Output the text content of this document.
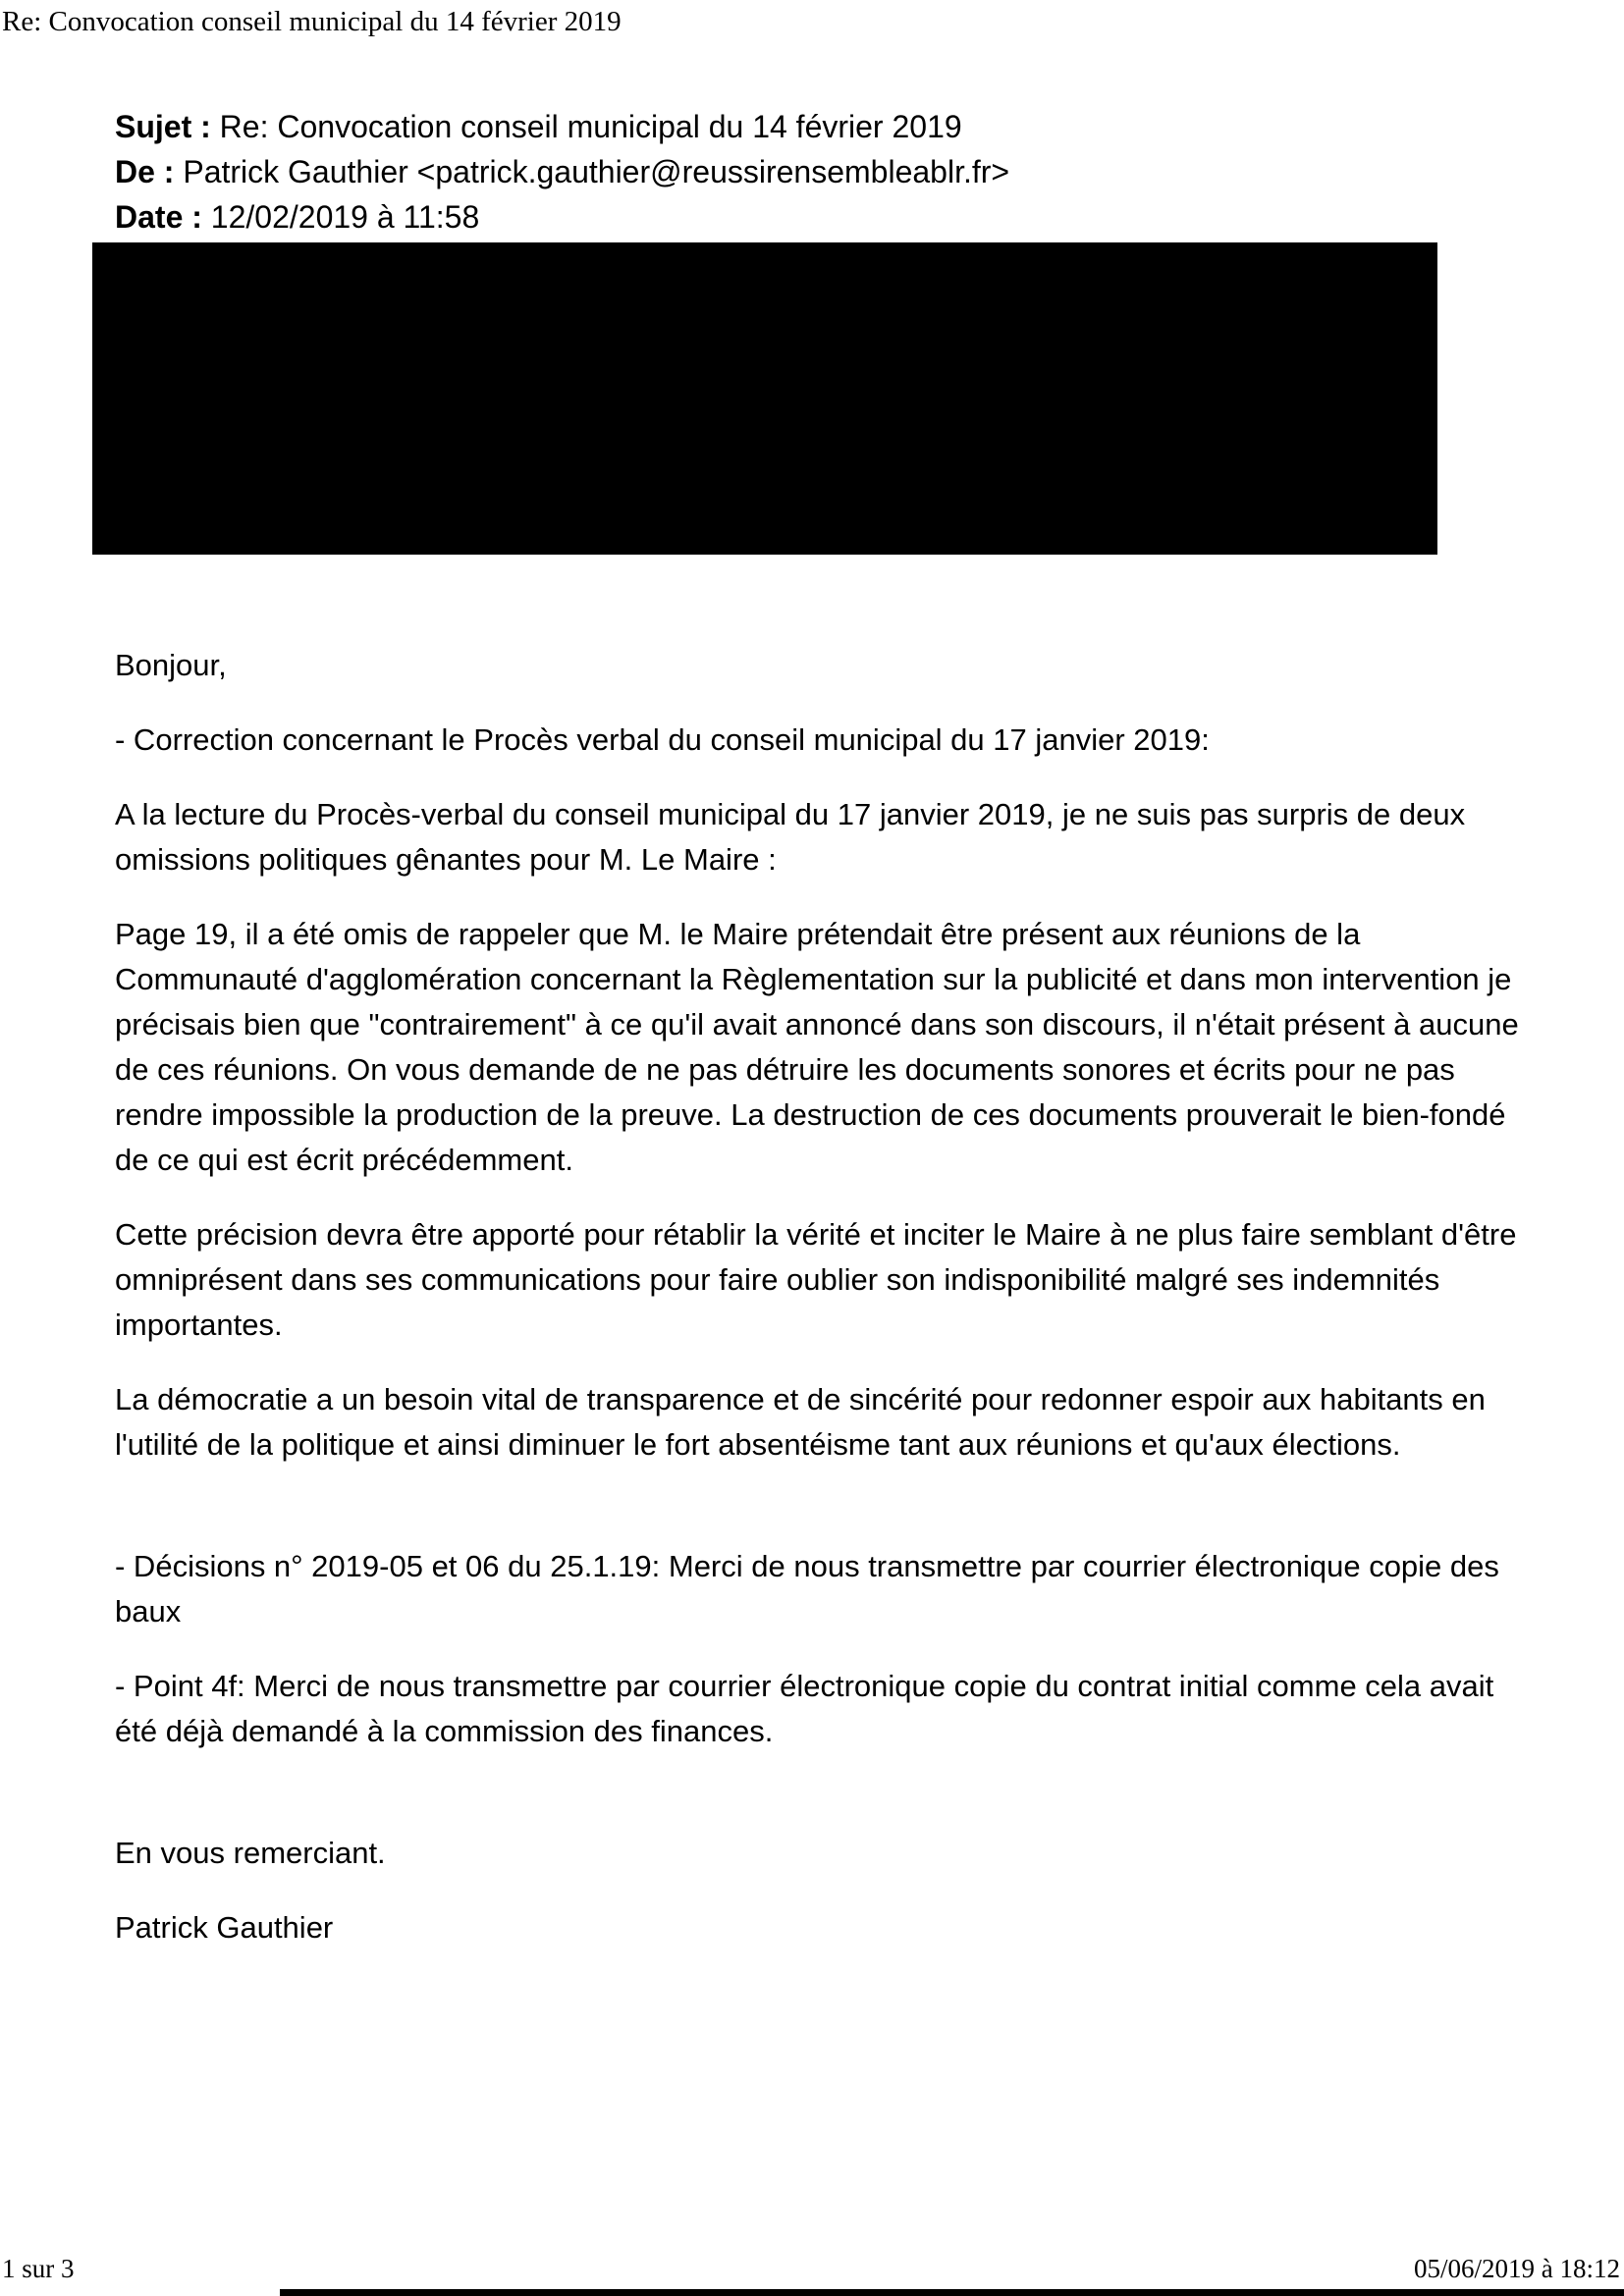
Re: Convocation conseil municipal du 14 février 2019
Sujet : Re: Convocation conseil municipal du 14 février 2019
De : Patrick Gauthier <patrick.gauthier@reussirensembleablr.fr>
Date : 12/02/2019 à 11:58

Bonjour,

- Correction concernant le Procès verbal du conseil municipal du 17 janvier 2019:

A la lecture du Procès-verbal du conseil municipal du 17 janvier 2019, je ne suis pas surpris de deux omissions politiques gênantes pour M. Le Maire :

Page 19, il a été omis de rappeler que M. le Maire prétendait être présent aux réunions de la Communauté d'agglomération concernant la Règlementation sur la publicité et dans mon intervention je précisais bien que "contrairement" à ce qu'il avait annoncé dans son discours, il n'était présent à aucune de ces réunions. On vous demande de ne pas détruire les documents sonores et écrits pour ne pas rendre impossible la production de la preuve. La destruction de ces documents prouverait le bien-fondé de ce qui est écrit précédemment.

Cette précision devra être apporté pour rétablir la vérité et inciter le Maire à ne plus faire semblant d'être omniprésent dans ses communications pour faire oublier son indisponibilité malgré ses indemnités importantes.

La démocratie a un besoin vital de transparence et de sincérité pour redonner espoir aux habitants en l'utilité de la politique et ainsi diminuer le fort absentéisme tant aux réunions et qu'aux élections.

- Décisions n° 2019-05 et 06 du 25.1.19: Merci de nous transmettre par courrier électronique copie des baux

- Point 4f: Merci de nous transmettre par courrier électronique copie du contrat initial comme cela avait été déjà demandé à la commission des finances.

En vous remerciant.

Patrick Gauthier

1 sur 3	05/06/2019 à 18:12
